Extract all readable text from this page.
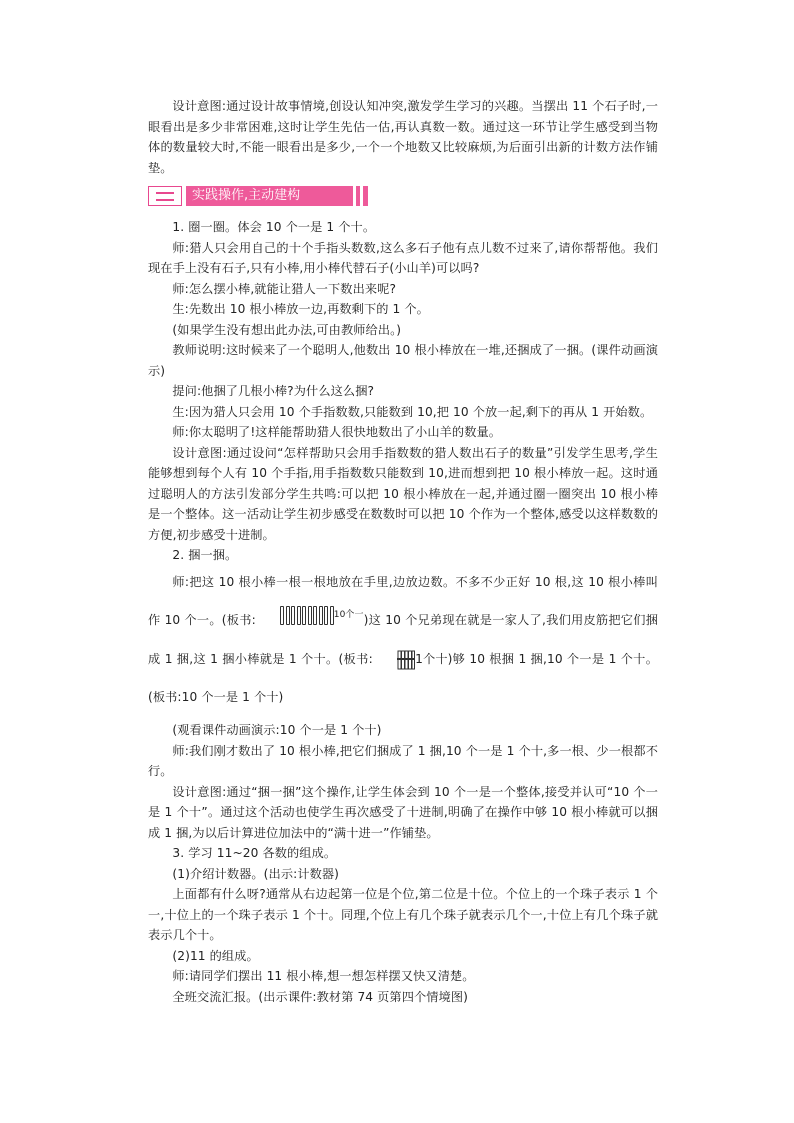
设计意图:通过设计故事情境,创设认知冲突,激发学生学习的兴趣。当摆出 11 个石子时,一眼看出是多少非常困难,这时让学生先估一估,再认真数一数。通过这一环节让学生感受到当物体的数量较大时,不能一眼看出是多少,一个一个地数又比较麻烦,为后面引出新的计数方法作铺垫。

实践操作,主动建构

1. 圈一圈。体会 10 个一是 1 个十。

师:猎人只会用自己的十个手指头数数,这么多石子他有点儿数不过来了,请你帮帮他。我们现在手上没有石子,只有小棒,用小棒代替石子(小山羊)可以吗?

师:怎么摆小棒,就能让猎人一下数出来呢?

生:先数出 10 根小棒放一边,再数剩下的 1 个。

(如果学生没有想出此办法,可由教师给出。)

教师说明:这时候来了一个聪明人,他数出 10 根小棒放在一堆,还捆成了一捆。(课件动画演示)

提问:他捆了几根小棒?为什么这么捆?

生:因为猎人只会用 10 个手指数数,只能数到 10,把 10 个放一起,剩下的再从 1 开始数。

师:你太聪明了!这样能帮助猎人很快地数出了小山羊的数量。

设计意图:通过设问“怎样帮助只会用手指数数的猎人数出石子的数量”引发学生思考,学生能够想到每个人有 10 个手指,用手指数数只能数到 10,进而想到把 10 根小棒放一起。这时通过聪明人的方法引发部分学生共鸣:可以把 10 根小棒放在一起,并通过圈一圈突出 10 根小棒是一个整体。这一活动让学生初步感受在数数时可以把 10 个作为一个整体,感受以这样数数的方便,初步感受十进制。

2. 捆一捆。

师:把这 10 根小棒一根一根地放在手里,边放边数。不多不少正好 10 根,这 10 根小棒叫作 10 个一。(板书:	$^{10个一}$)这 10 个兄弟现在就是一家人了,我们用皮筋把它们捆成 1 捆,这 1 捆小棒就是 1 个十。(板书:	1个十)够 10 根捆 1 捆,10 个一是 1 个十。(板书:10 个一是 1 个十)

(观看课件动画演示:10 个一是 1 个十)

师:我们刚才数出了 10 根小棒,把它们捆成了 1 捆,10 个一是 1 个十,多一根、少一根都不行。

设计意图:通过“捆一捆”这个操作,让学生体会到 10 个一是一个整体,接受并认可“10 个一是 1 个十”。通过这个活动也使学生再次感受了十进制,明确了在操作中够 10 根小棒就可以捆成 1 捆,为以后计算进位加法中的“满十进一”作铺垫。

3. 学习 11~20 各数的组成。

(1)介绍计数器。(出示:计数器)

上面都有什么呀?通常从右边起第一位是个位,第二位是十位。个位上的一个珠子表示 1 个一,十位上的一个珠子表示 1 个十。同理,个位上有几个珠子就表示几个一,十位上有几个珠子就表示几个十。

(2)11 的组成。

师:请同学们摆出 11 根小棒,想一想怎样摆又快又清楚。

全班交流汇报。(出示课件:教材第 74 页第四个情境图)
